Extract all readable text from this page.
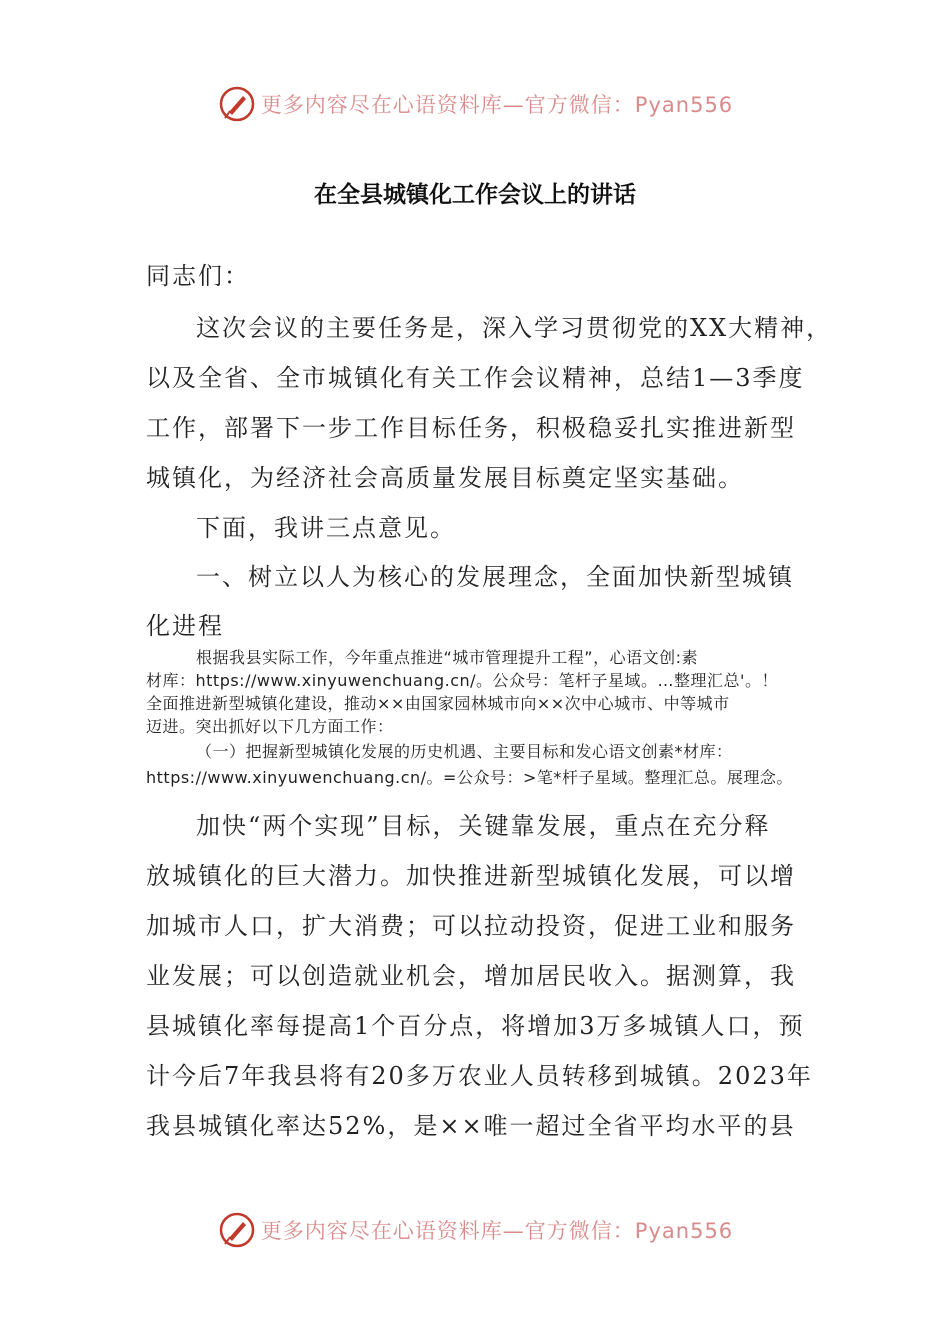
更多内容尽在心语资料库—官方微信：Pyan556
在全县城镇化工作会议上的讲话
同志们：
这次会议的主要任务是，深入学习贯彻党的XX大精神，
以及全省、全市城镇化有关工作会议精神，总结1—3季度
工作，部署下一步工作目标任务，积极稳妥扎实推进新型
城镇化，为经济社会高质量发展目标奠定坚实基础。
下面，我讲三点意见。
一、树立以人为核心的发展理念，全面加快新型城镇
化进程
根据我县实际工作，今年重点推进“城市管理提升工程”，心语文创:素
材库：https://www.xinyuwenchuang.cn/。公众号：笔杆子星域。…整理汇总'。！
全面推进新型城镇化建设，推动××由国家园林城市向××次中心城市、中等城市
迈进。突出抓好以下几方面工作：
（一）把握新型城镇化发展的历史机遇、主要目标和发心语文创素*材库：
https://www.xinyuwenchuang.cn/。=公众号：>笔*杆子星域。整理汇总。展理念。
加快“两个实现”目标，关键靠发展，重点在充分释
放城镇化的巨大潜力。加快推进新型城镇化发展，可以增
加城市人口，扩大消费；可以拉动投资，促进工业和服务
业发展；可以创造就业机会，增加居民收入。据测算，我
县城镇化率每提高1个百分点，将增加3万多城镇人口，预
计今后7年我县将有20多万农业人员转移到城镇。2023年
我县城镇化率达52%，是××唯一超过全省平均水平的县
更多内容尽在心语资料库—官方微信：Pyan556
